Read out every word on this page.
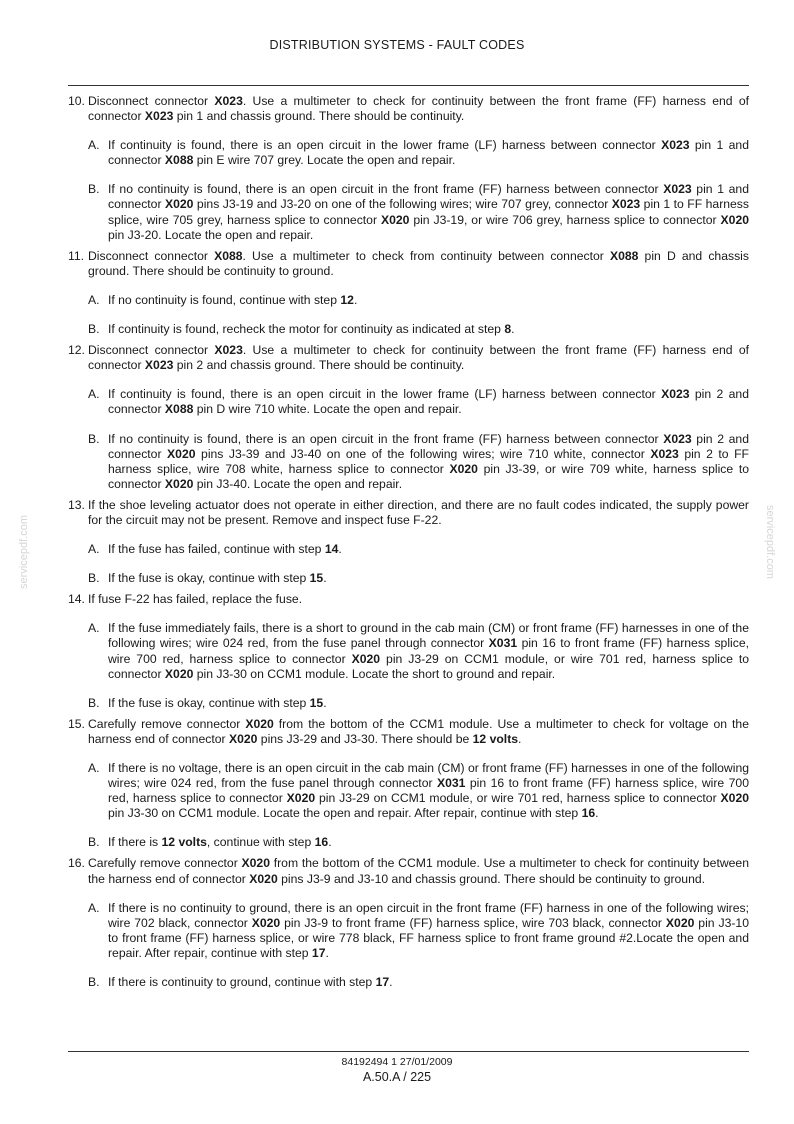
DISTRIBUTION SYSTEMS - FAULT CODES
servicepdf.com	servicepdf.com

10. Disconnect connector X023. Use a multimeter to check for continuity between the front frame (FF) harness end of connector X023 pin 1 and chassis ground. There should be continuity.

A. If continuity is found, there is an open circuit in the lower frame (LF) harness between connector X023 pin 1 and connector X088 pin E wire 707 grey. Locate the open and repair.

B. If no continuity is found, there is an open circuit in the front frame (FF) harness between connector X023 pin 1 and connector X020 pins J3-19 and J3-20 on one of the following wires; wire 707 grey, connector X023 pin 1 to FF harness splice, wire 705 grey, harness splice to connector X020 pin J3-19, or wire 706 grey, harness splice to connector X020 pin J3-20. Locate the open and repair.

11. Disconnect connector X088. Use a multimeter to check from continuity between connector X088 pin D and chassis ground. There should be continuity to ground.

A. If no continuity is found, continue with step 12.

B. If continuity is found, recheck the motor for continuity as indicated at step 8.

12. Disconnect connector X023. Use a multimeter to check for continuity between the front frame (FF) harness end of connector X023 pin 2 and chassis ground. There should be continuity.

A. If continuity is found, there is an open circuit in the lower frame (LF) harness between connector X023 pin 2 and connector X088 pin D wire 710 white. Locate the open and repair.

B. If no continuity is found, there is an open circuit in the front frame (FF) harness between connector X023 pin 2 and connector X020 pins J3-39 and J3-40 on one of the following wires; wire 710 white, connector X023 pin 2 to FF harness splice, wire 708 white, harness splice to connector X020 pin J3-39, or wire 709 white, harness splice to connector X020 pin J3-40. Locate the open and repair.

13. If the shoe leveling actuator does not operate in either direction, and there are no fault codes indicated, the supply power for the circuit may not be present. Remove and inspect fuse F-22.

A. If the fuse has failed, continue with step 14.

B. If the fuse is okay, continue with step 15.

14. If fuse F-22 has failed, replace the fuse.

A. If the fuse immediately fails, there is a short to ground in the cab main (CM) or front frame (FF) harnesses in one of the following wires; wire 024 red, from the fuse panel through connector X031 pin 16 to front frame (FF) harness splice, wire 700 red, harness splice to connector X020 pin J3-29 on CCM1 module, or wire 701 red, harness splice to connector X020 pin J3-30 on CCM1 module. Locate the short to ground and repair.

B. If the fuse is okay, continue with step 15.

15. Carefully remove connector X020 from the bottom of the CCM1 module. Use a multimeter to check for voltage on the harness end of connector X020 pins J3-29 and J3-30. There should be 12 volts.

A. If there is no voltage, there is an open circuit in the cab main (CM) or front frame (FF) harnesses in one of the following wires; wire 024 red, from the fuse panel through connector X031 pin 16 to front frame (FF) harness splice, wire 700 red, harness splice to connector X020 pin J3-29 on CCM1 module, or wire 701 red, harness splice to connector X020 pin J3-30 on CCM1 module. Locate the open and repair. After repair, continue with step 16.

B. If there is 12 volts, continue with step 16.

16. Carefully remove connector X020 from the bottom of the CCM1 module. Use a multimeter to check for continuity between the harness end of connector X020 pins J3-9 and J3-10 and chassis ground. There should be continuity to ground.

A. If there is no continuity to ground, there is an open circuit in the front frame (FF) harness in one of the following wires; wire 702 black, connector X020 pin J3-9 to front frame (FF) harness splice, wire 703 black, connector X020 pin J3-10 to front frame (FF) harness splice, or wire 778 black, FF harness splice to front frame ground #2.Locate the open and repair. After repair, continue with step 17.

B. If there is continuity to ground, continue with step 17.

84192494 1 27/01/2009
A.50.A / 225
